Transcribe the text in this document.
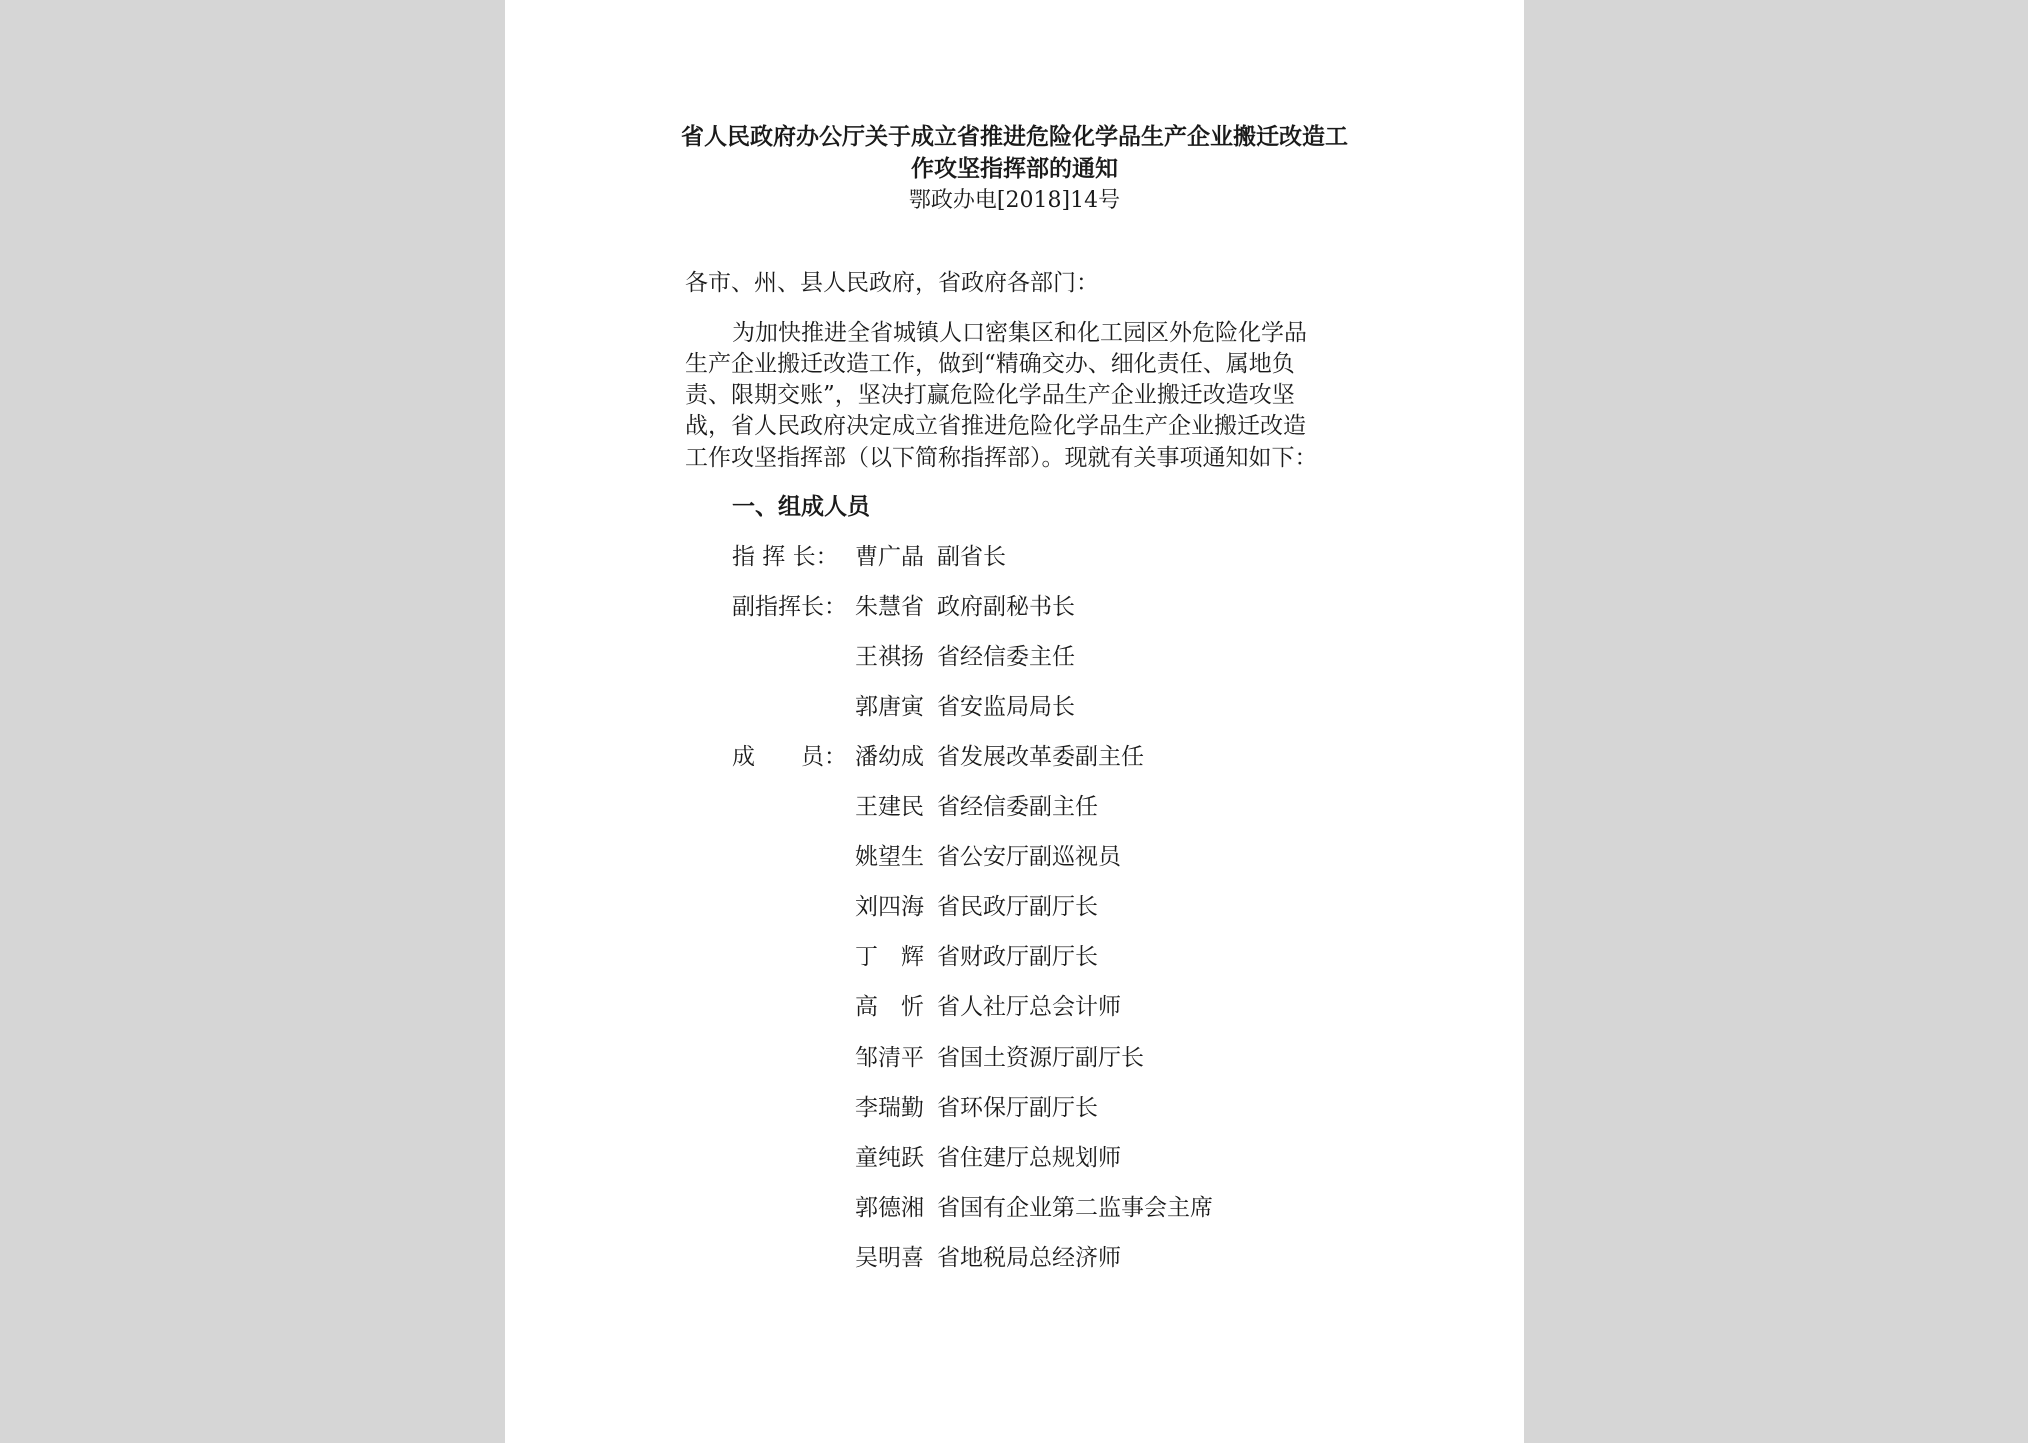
省人民政府办公厅关于成立省推进危险化学品生产企业搬迁改造工
作攻坚指挥部的通知
鄂政办电[2018]14号
各市、州、县人民政府，省政府各部门：
为加快推进全省城镇人口密集区和化工园区外危险化学品
生产企业搬迁改造工作，做到“精确交办、细化责任、属地负
责、限期交账”，坚决打赢危险化学品生产企业搬迁改造攻坚
战，省人民政府决定成立省推进危险化学品生产企业搬迁改造
工作攻坚指挥部（以下简称指挥部）。现就有关事项通知如下：
一、组成人员
指 挥 长： 曹广晶 副省长
副指挥长： 朱慧省 政府副秘书长
王祺扬 省经信委主任
郭唐寅 省安监局局长
成　　员： 潘幼成 省发展改革委副主任
王建民 省经信委副主任
姚望生 省公安厅副巡视员
刘四海 省民政厅副厅长
丁　辉 省财政厅副厅长
高　忻 省人社厅总会计师
邹清平 省国土资源厅副厅长
李瑞勤 省环保厅副厅长
童纯跃 省住建厅总规划师
郭德湘 省国有企业第二监事会主席
吴明喜 省地税局总经济师
